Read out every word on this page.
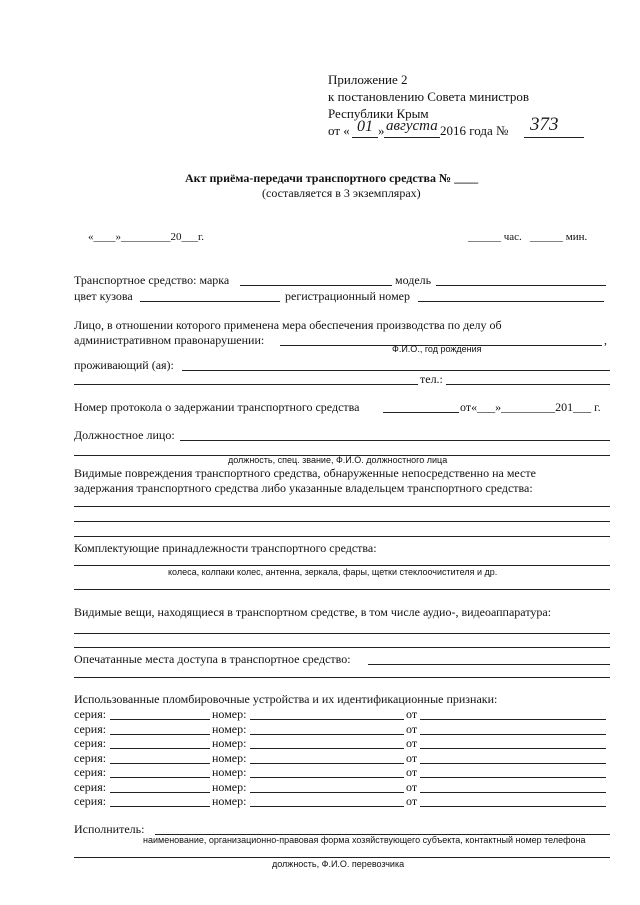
Приложение 2
к постановлению Совета министров
Республики Крым
от « 01 » августа 2016 года № 373
Акт приёма-передачи транспортного средства № ____
(составляется в 3 экземплярах)
«____»_________20___г.	______ час. ______ мин.
Транспортное средство: марка	модель
цвет кузова	регистрационный номер
Лицо, в отношении которого применена мера обеспечения производства по делу об
административном правонарушении:	,
Ф.И.О., год рождения
проживающий (ая):
тел.:
Номер протокола о задержании транспортного средства	от«___»_________201___ г.
Должностное лицо:
должность, спец. звание, Ф.И.О. должностного лица
Видимые повреждения транспортного средства, обнаруженные непосредственно на месте
задержания транспортного средства либо указанные владельцем транспортного средства:
Комплектующие принадлежности транспортного средства:
колеса, колпаки колес, антенна, зеркала, фары, щетки стеклоочистителя и др.
Видимые вещи, находящиеся в транспортном средстве, в том числе аудио-, видеоаппаратура:
Опечатанные места доступа в транспортное средство:
Использованные пломбировочные устройства и их идентификационные признаки:
серия:	номер:	от
серия:	номер:	от
серия:	номер:	от
серия:	номер:	от
серия:	номер:	от
серия:	номер:	от
серия:	номер:	от
Исполнитель:
наименование, организационно-правовая форма хозяйствующего субъекта, контактный номер телефона
должность, Ф.И.О. перевозчика
